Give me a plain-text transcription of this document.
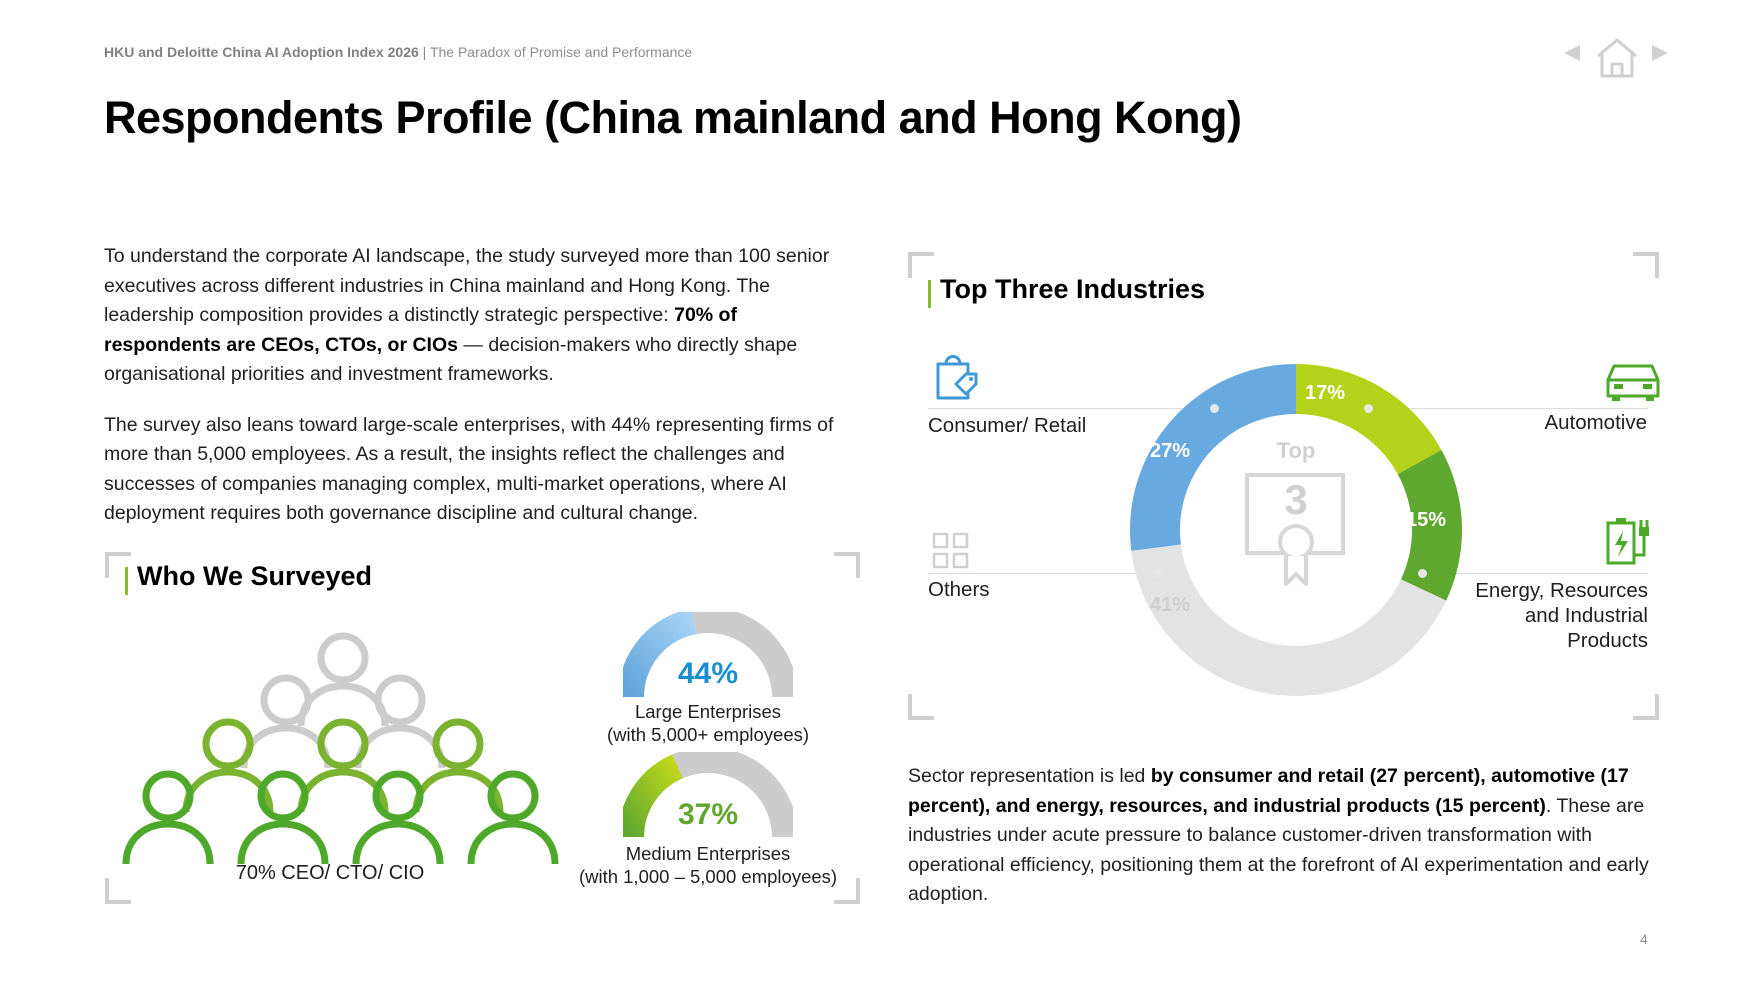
HKU and Deloitte China AI Adoption Index 2026 | The Paradox of Promise and Performance
Respondents Profile (China mainland and Hong Kong)

To understand the corporate AI landscape, the study surveyed more than 100 senior executives across different industries in China mainland and Hong Kong. The leadership composition provides a distinctly strategic perspective: 70% of respondents are CEOs, CTOs, or CIOs — decision-makers who directly shape organisational priorities and investment frameworks.

The survey also leans toward large-scale enterprises, with 44% representing firms of more than 5,000 employees. As a result, the insights reflect the challenges and successes of companies managing complex, multi-market operations, where AI deployment requires both governance discipline and cultural change.

Who We Surveyed
70% CEO/ CTO/ CIO
44%
Large Enterprises
(with 5,000+ employees)
37%
Medium Enterprises
(with 1,000 – 5,000 employees)
Top Three Industries
Top
3
17%
15%
41%
27%
Consumer/ Retail	Automotive
Others	Energy, Resources
and Industrial
Products
Sector representation is led by consumer and retail (27 percent), automotive (17 percent), and energy, resources, and industrial products (15 percent). These are industries under acute pressure to balance customer-driven transformation with operational efficiency, positioning them at the forefront of AI experimentation and early adoption.
4
